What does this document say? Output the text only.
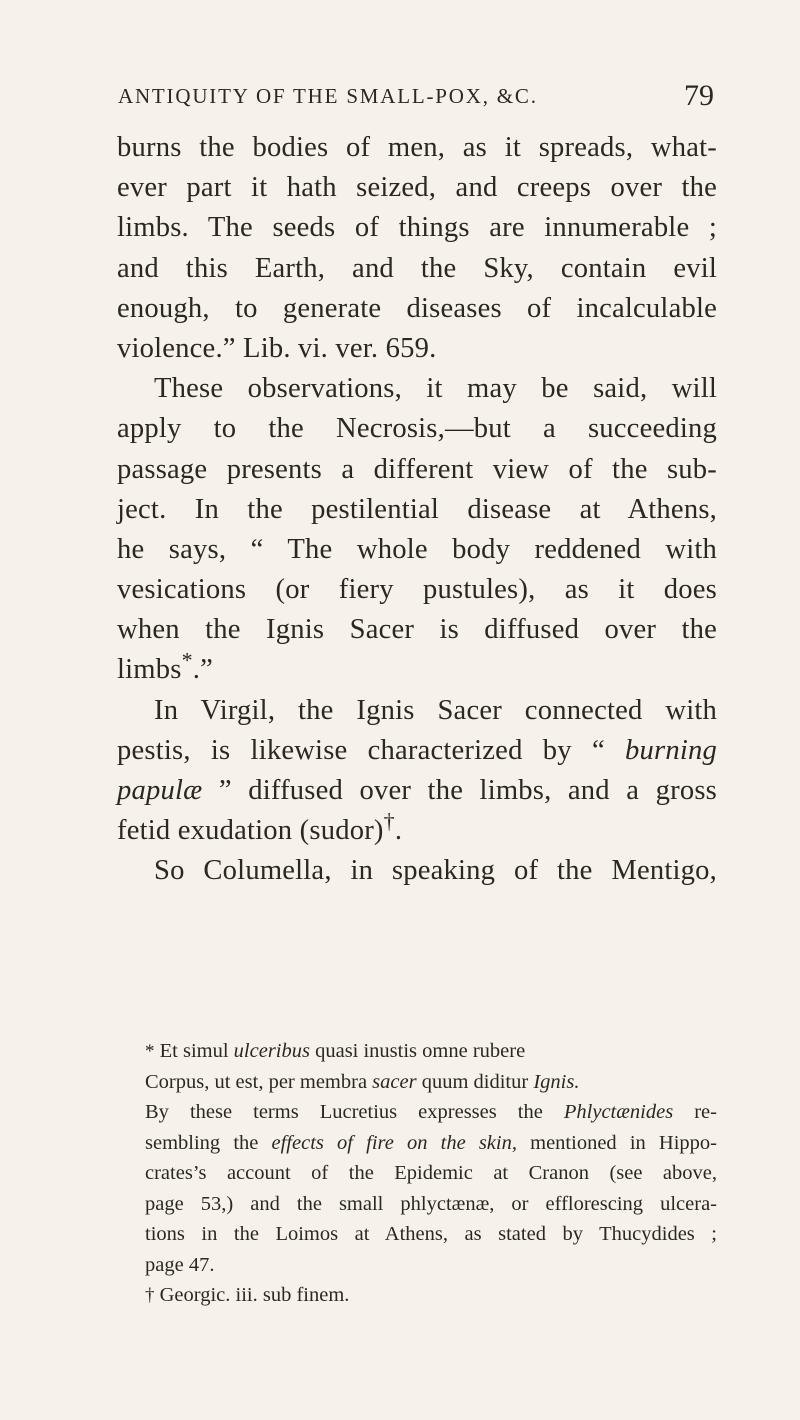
ANTIQUITY OF THE SMALL-POX, &C.	79
burns the bodies of men, as it spreads, what-
ever part it hath seized, and creeps over the
limbs. The seeds of things are innumerable ;
and this Earth, and the Sky, contain evil
enough, to generate diseases of incalculable
violence.” Lib. vi. ver. 659.
These observations, it may be said, will
apply to the Necrosis,—but a succeeding
passage presents a different view of the sub-
ject. In the pestilential disease at Athens,
he says, “ The whole body reddened with
vesications (or fiery pustules), as it does
when the Ignis Sacer is diffused over the
limbs*.”
In Virgil, the Ignis Sacer connected with
pestis, is likewise characterized by “ burning
papulæ ” diffused over the limbs, and a gross
fetid exudation (sudor)†.
So Columella, in speaking of the Mentigo,
* Et simul ulceribus quasi inustis omne rubere
Corpus, ut est, per membra sacer quum diditur Ignis.
By these terms Lucretius expresses the Phlyctænides re-
sembling the effects of fire on the skin, mentioned in Hippo-
crates’s account of the Epidemic at Cranon (see above,
page 53,) and the small phlyctænæ, or efflorescing ulcera-
tions in the Loimos at Athens, as stated by Thucydides ;
page 47.
† Georgic. iii. sub finem.
